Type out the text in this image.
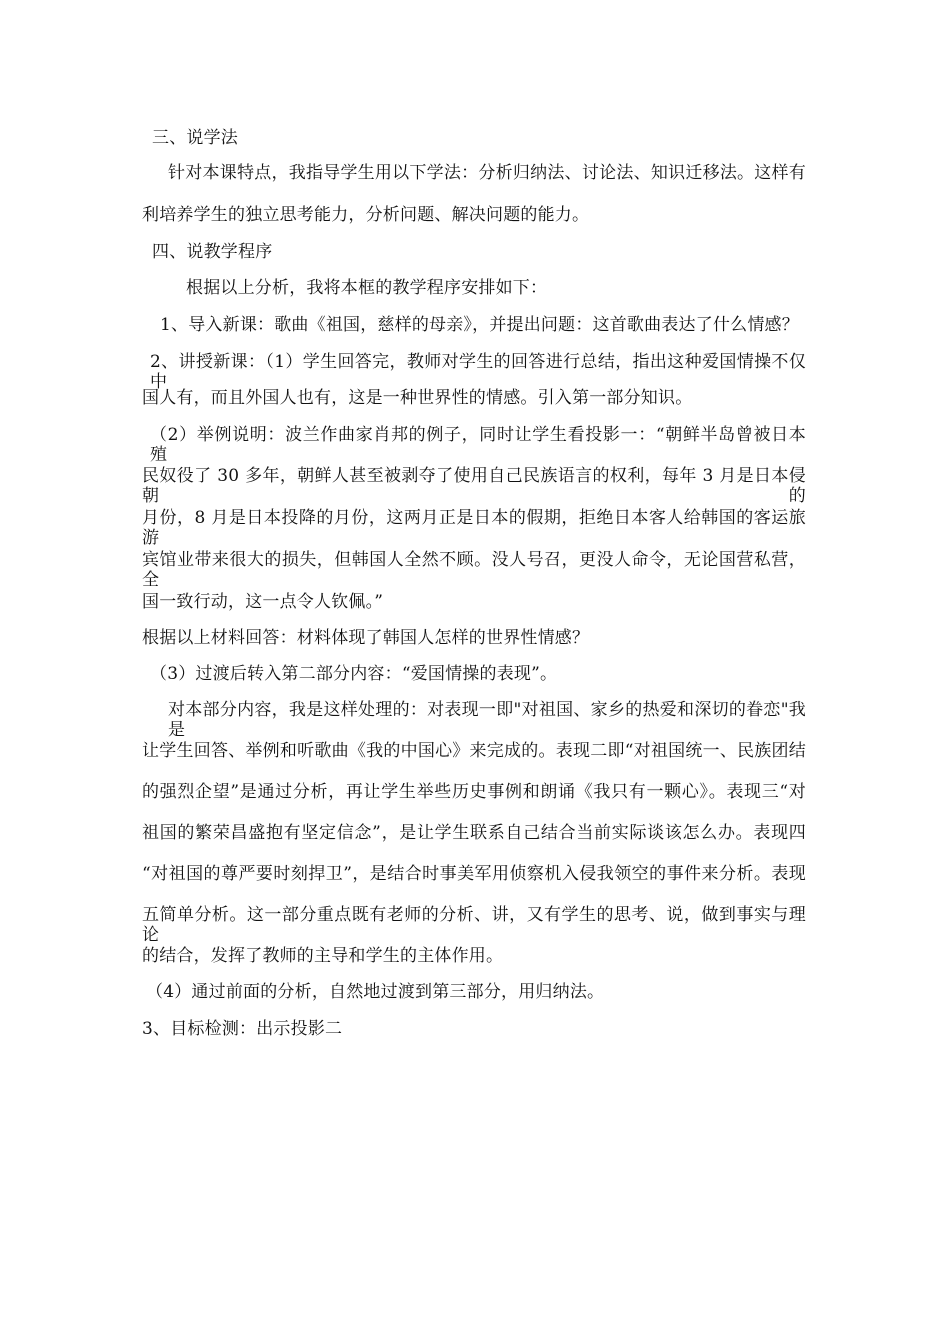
三、说学法
针对本课特点，我指导学生用以下学法：分析归纳法、讨论法、知识迁移法。这样有
利培养学生的独立思考能力，分析问题、解决问题的能力。
四、说教学程序
根据以上分析，我将本框的教学程序安排如下：
1、导入新课：歌曲《祖国，慈样的母亲》，并提出问题：这首歌曲表达了什么情感？
2、讲授新课：（1）学生回答完，教师对学生的回答进行总结，指出这种爱国情操不仅中
国人有，而且外国人也有，这是一种世界性的情感。引入第一部分知识。
（2）举例说明：波兰作曲家肖邦的例子，同时让学生看投影一：“朝鲜半岛曾被日本殖
民奴役了 30 多年，朝鲜人甚至被剥夺了使用自己民族语言的权利，每年 3 月是日本侵朝的
月份，8 月是日本投降的月份，这两月正是日本的假期，拒绝日本客人给韩国的客运旅游
宾馆业带来很大的损失，但韩国人全然不顾。没人号召，更没人命令，无论国营私营，全
国一致行动，这一点令人钦佩。”
根据以上材料回答：材料体现了韩国人怎样的世界性情感？
（3）过渡后转入第二部分内容：“爱国情操的表现”。
对本部分内容，我是这样处理的：对表现一即"对祖国、家乡的热爱和深切的眷恋"我是
让学生回答、举例和听歌曲《我的中国心》来完成的。表现二即“对祖国统一、民族团结
的强烈企望”是通过分析，再让学生举些历史事例和朗诵《我只有一颗心》。表现三“对
祖国的繁荣昌盛抱有坚定信念”，是让学生联系自己结合当前实际谈该怎么办。表现四
“对祖国的尊严要时刻捍卫”，是结合时事美军用侦察机入侵我领空的事件来分析。表现
五简单分析。这一部分重点既有老师的分析、讲，又有学生的思考、说，做到事实与理论
的结合，发挥了教师的主导和学生的主体作用。
（4）通过前面的分析，自然地过渡到第三部分，用归纳法。
3、目标检测：出示投影二
